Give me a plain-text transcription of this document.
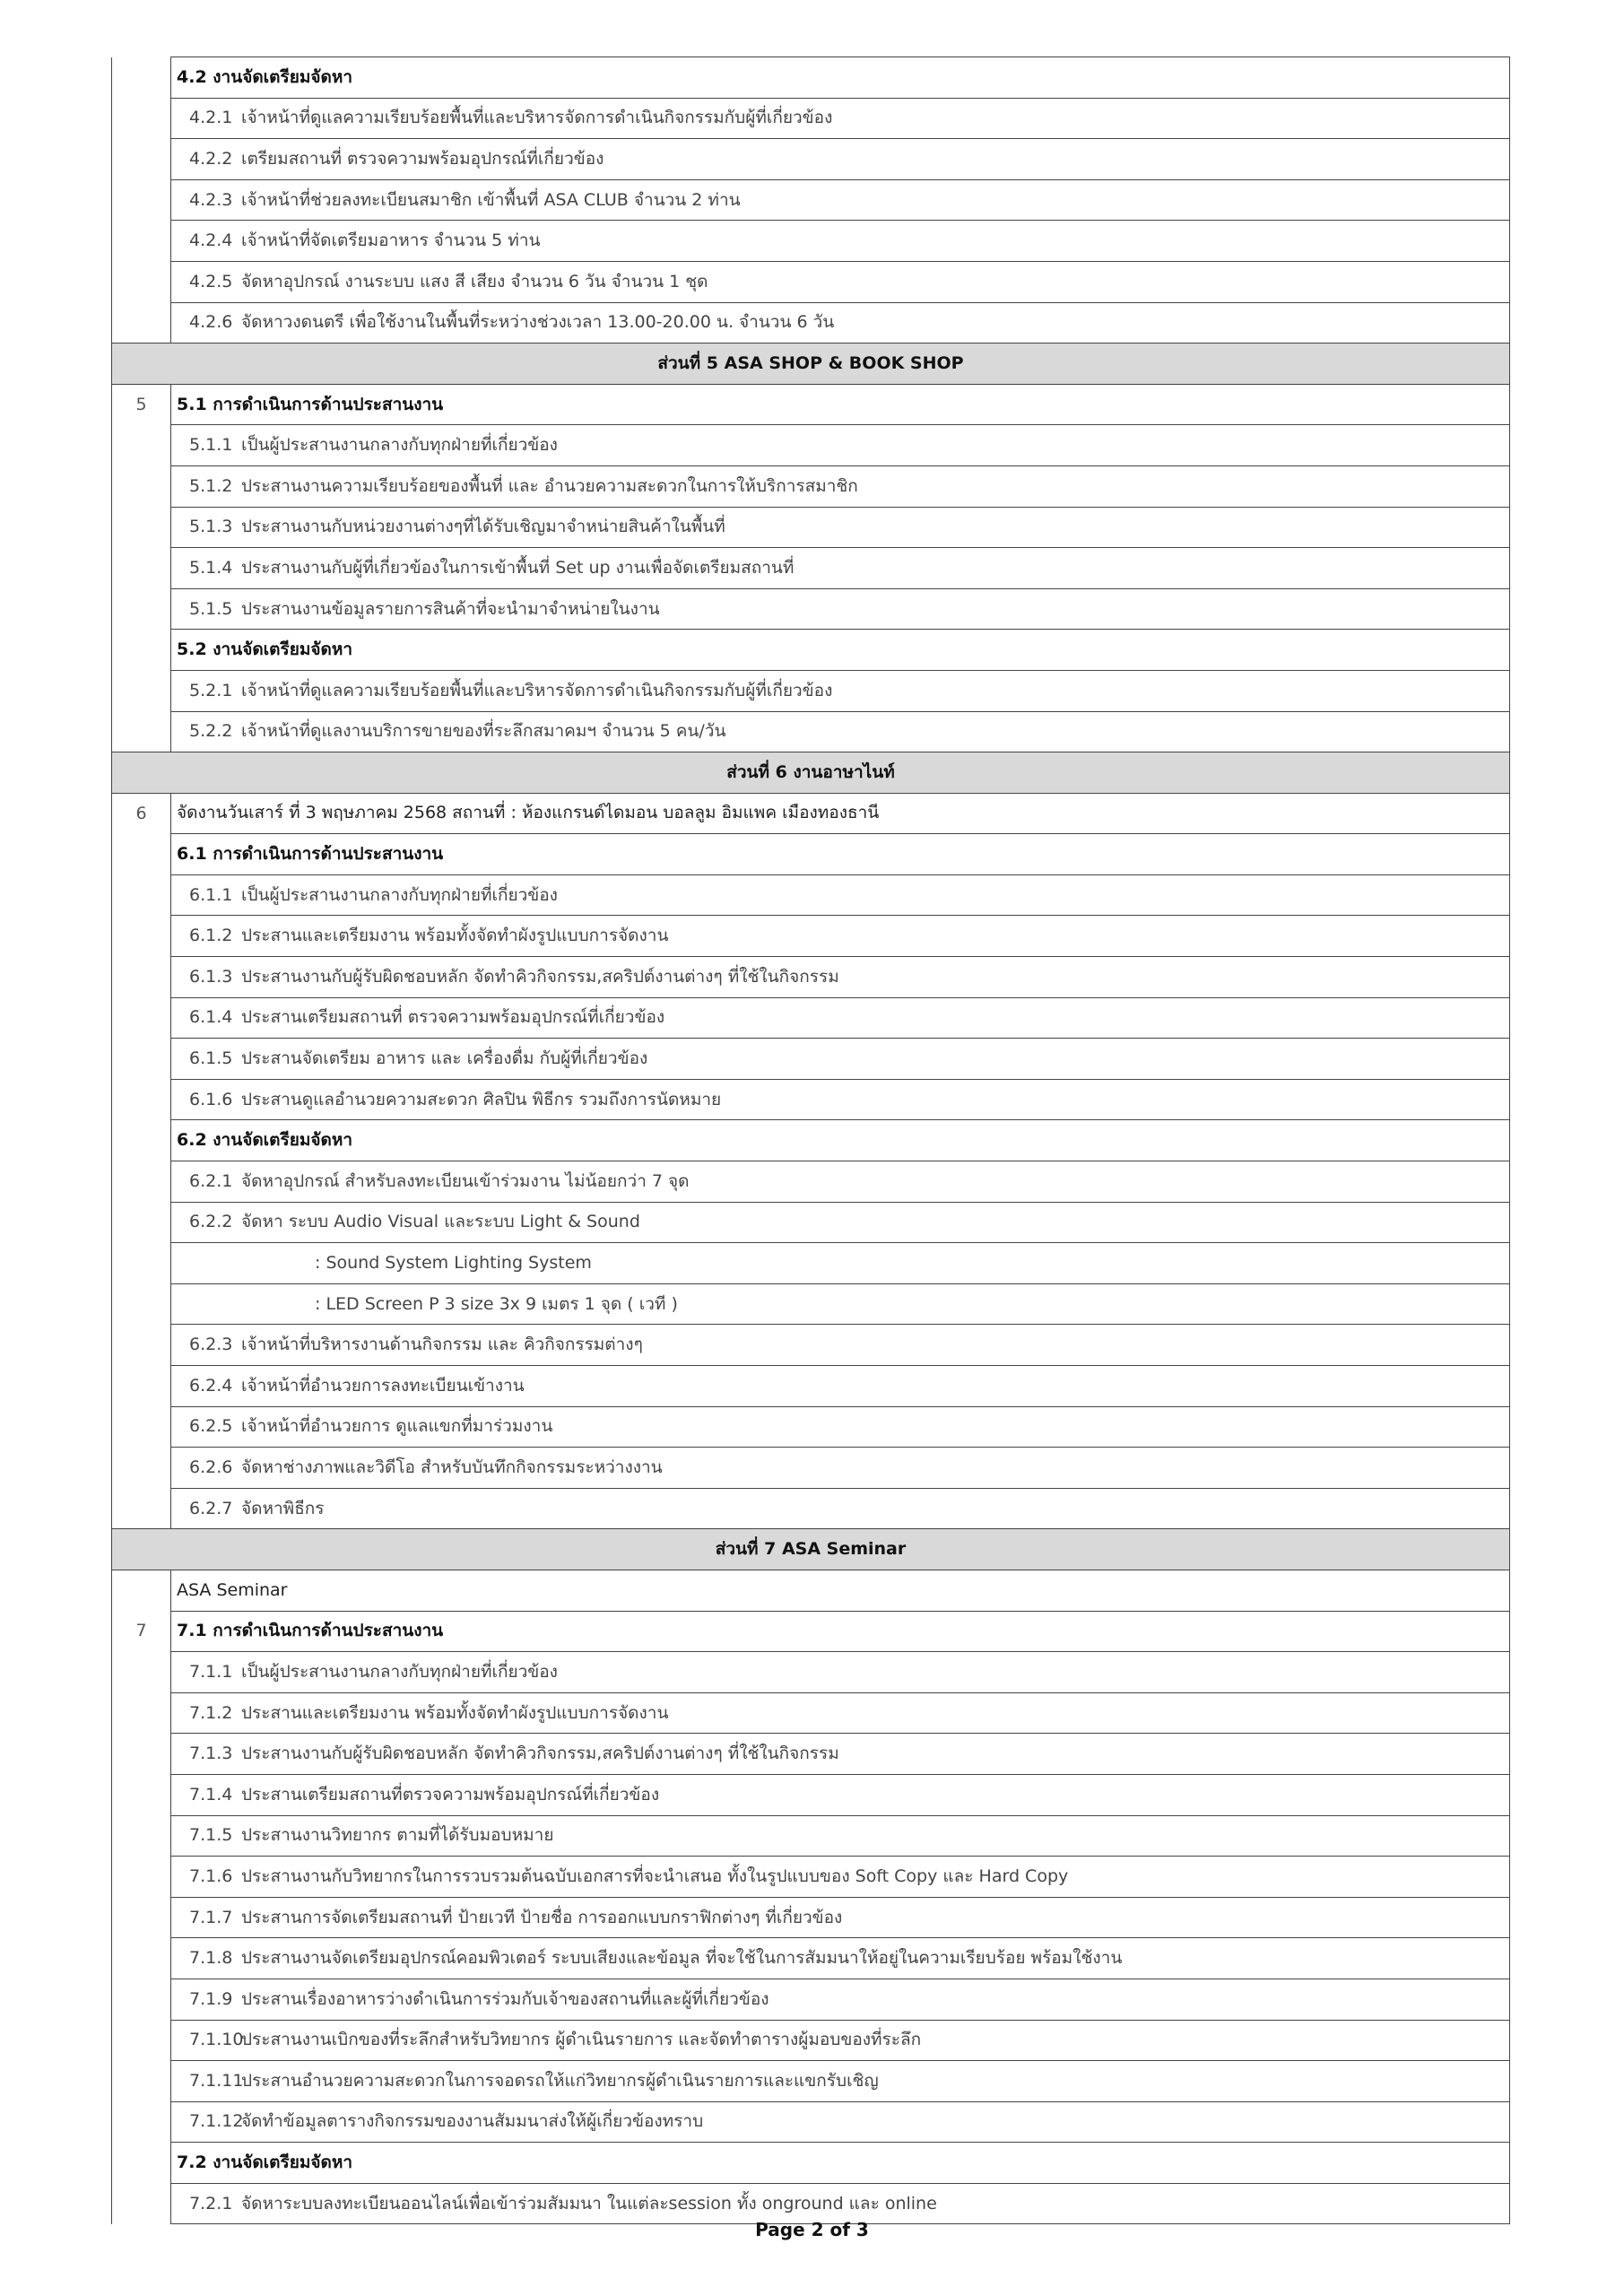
	4.2 งานจัดเตรียมจัดหา
	4.2.1 เจ้าหน้าที่ดูแลความเรียบร้อยพื้นที่และบริหารจัดการดำเนินกิจกรรมกับผู้ที่เกี่ยวข้อง
	4.2.2 เตรียมสถานที่ ตรวจความพร้อมอุปกรณ์ที่เกี่ยวข้อง
	4.2.3 เจ้าหน้าที่ช่วยลงทะเบียนสมาชิก เข้าพื้นที่ ASA CLUB จำนวน 2 ท่าน
	4.2.4 เจ้าหน้าที่จัดเตรียมอาหาร จำนวน 5 ท่าน
	4.2.5 จัดหาอุปกรณ์ งานระบบ แสง สี เสียง จำนวน 6 วัน จำนวน 1 ชุด
	4.2.6 จัดหาวงดนตรี เพื่อใช้งานในพื้นที่ระหว่างช่วงเวลา 13.00-20.00 น. จำนวน 6 วัน
ส่วนที่ 5 ASA SHOP & BOOK SHOP	
5	5.1 การดำเนินการด้านประสานงาน
	5.1.1 เป็นผู้ประสานงานกลางกับทุกฝ่ายที่เกี่ยวข้อง
	5.1.2 ประสานงานความเรียบร้อยของพื้นที่ และ อำนวยความสะดวกในการให้บริการสมาชิก
	5.1.3 ประสานงานกับหน่วยงานต่างๆที่ได้รับเชิญมาจำหน่ายสินค้าในพื้นที่
	5.1.4 ประสานงานกับผู้ที่เกี่ยวข้องในการเข้าพื้นที่ Set up งานเพื่อจัดเตรียมสถานที่
	5.1.5 ประสานงานข้อมูลรายการสินค้าที่จะนำมาจำหน่ายในงาน
	5.2 งานจัดเตรียมจัดหา
	5.2.1 เจ้าหน้าที่ดูแลความเรียบร้อยพื้นที่และบริหารจัดการดำเนินกิจกรรมกับผู้ที่เกี่ยวข้อง
	5.2.2 เจ้าหน้าที่ดูแลงานบริการขายของที่ระลึกสมาคมฯ จำนวน 5 คน/วัน
ส่วนที่ 6 งานอาษาไนท์	
6	จัดงานวันเสาร์ ที่ 3 พฤษภาคม 2568 สถานที่ : ห้องแกรนด์ไดมอน บอลลูม อิมแพค เมืองทองธานี
	6.1 การดำเนินการด้านประสานงาน
	6.1.1 เป็นผู้ประสานงานกลางกับทุกฝ่ายที่เกี่ยวข้อง
	6.1.2 ประสานและเตรียมงาน พร้อมทั้งจัดทำผังรูปแบบการจัดงาน
	6.1.3 ประสานงานกับผู้รับผิดชอบหลัก จัดทำคิวกิจกรรม,สคริปต์งานต่างๆ ที่ใช้ในกิจกรรม
	6.1.4 ประสานเตรียมสถานที่ ตรวจความพร้อมอุปกรณ์ที่เกี่ยวข้อง
	6.1.5 ประสานจัดเตรียม อาหาร และ เครื่องดื่ม กับผู้ที่เกี่ยวข้อง
	6.1.6 ประสานดูแลอำนวยความสะดวก ศิลปิน พิธีกร รวมถึงการนัดหมาย
	6.2 งานจัดเตรียมจัดหา
	6.2.1 จัดหาอุปกรณ์ สำหรับลงทะเบียนเข้าร่วมงาน ไม่น้อยกว่า 7 จุด
	6.2.2 จัดหา ระบบ Audio Visual และระบบ Light & Sound
	: Sound System Lighting System
	: LED Screen P 3 size 3x 9 เมตร 1 จุด ( เวที )
	6.2.3 เจ้าหน้าที่บริหารงานด้านกิจกรรม และ คิวกิจกรรมต่างๆ
	6.2.4 เจ้าหน้าที่อำนวยการลงทะเบียนเข้างาน
	6.2.5 เจ้าหน้าที่อำนวยการ ดูแลแขกที่มาร่วมงาน
	6.2.6 จัดหาช่างภาพและวิดีโอ สำหรับบันทึกกิจกรรมระหว่างงาน
	6.2.7 จัดหาพิธีกร
ส่วนที่ 7 ASA Seminar	
	ASA Seminar
7	7.1 การดำเนินการด้านประสานงาน
	7.1.1 เป็นผู้ประสานงานกลางกับทุกฝ่ายที่เกี่ยวข้อง
	7.1.2 ประสานและเตรียมงาน พร้อมทั้งจัดทำผังรูปแบบการจัดงาน
	7.1.3 ประสานงานกับผู้รับผิดชอบหลัก จัดทำคิวกิจกรรม,สคริปต์งานต่างๆ ที่ใช้ในกิจกรรม
	7.1.4 ประสานเตรียมสถานที่ตรวจความพร้อมอุปกรณ์ที่เกี่ยวข้อง
	7.1.5 ประสานงานวิทยากร ตามที่ได้รับมอบหมาย
	7.1.6 ประสานงานกับวิทยากรในการรวบรวมต้นฉบับเอกสารที่จะนำเสนอ ทั้งในรูปแบบของ Soft Copy และ Hard Copy
	7.1.7 ประสานการจัดเตรียมสถานที่ ป้ายเวที ป้ายชื่อ การออกแบบกราฟิกต่างๆ ที่เกี่ยวข้อง
	7.1.8 ประสานงานจัดเตรียมอุปกรณ์คอมพิวเตอร์ ระบบเสียงและข้อมูล ที่จะใช้ในการสัมมนาให้อยู่ในความเรียบร้อย พร้อมใช้งาน
	7.1.9 ประสานเรื่องอาหารว่างดำเนินการร่วมกับเจ้าของสถานที่และผู้ที่เกี่ยวข้อง
	7.1.10ประสานงานเบิกของที่ระลึกสำหรับวิทยากร ผู้ดำเนินรายการ และจัดทำตารางผู้มอบของที่ระลึก
	7.1.11ประสานอำนวยความสะดวกในการจอดรถให้แก่วิทยากรผู้ดำเนินรายการและแขกรับเชิญ
	7.1.12จัดทำข้อมูลตารางกิจกรรมของงานสัมมนาส่งให้ผู้เกี่ยวข้องทราบ
	7.2 งานจัดเตรียมจัดหา
	7.2.1 จัดหาระบบลงทะเบียนออนไลน์เพื่อเข้าร่วมสัมมนา ในแต่ละsession ทั้ง onground และ online
Page 2 of 3
